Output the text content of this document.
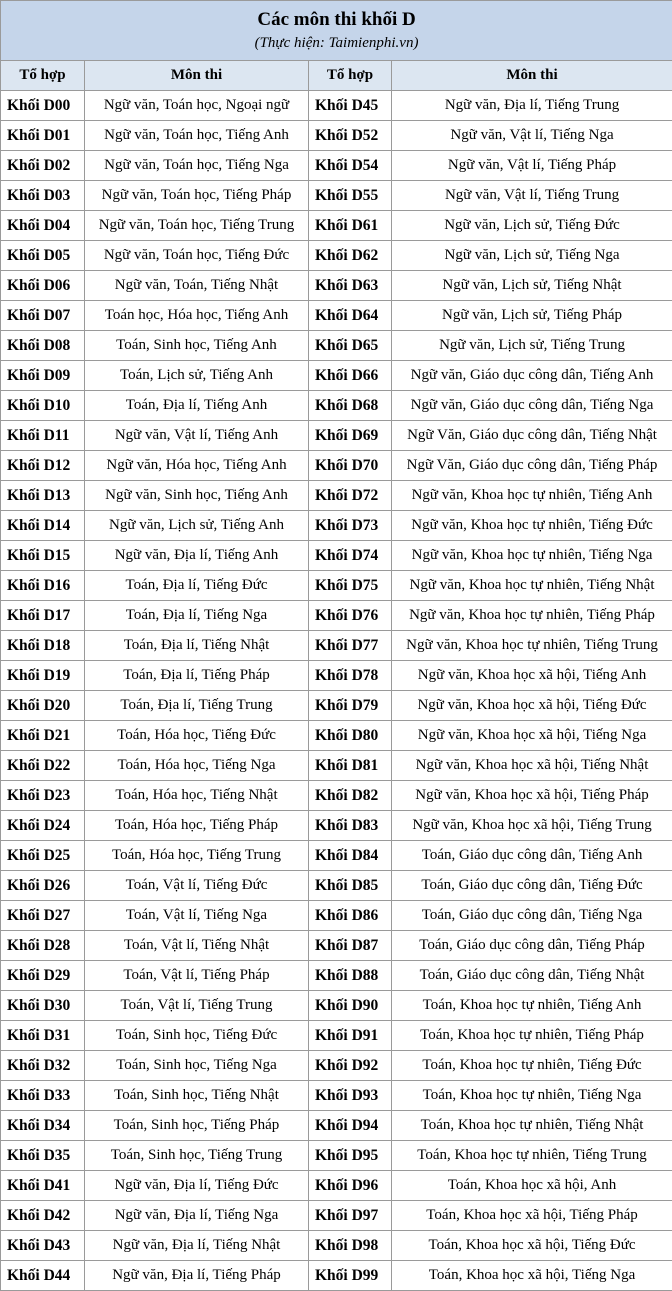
Các môn thi khối D
(Thực hiện: Taimienphi.vn)			

Tổ hợp	Môn thi	Tổ hợp	Môn thi
Khối D00	Ngữ văn, Toán học, Ngoại ngữ	Khối D45	Ngữ văn, Địa lí, Tiếng Trung
Khối D01	Ngữ văn, Toán học, Tiếng Anh	Khối D52	Ngữ văn, Vật lí, Tiếng Nga
Khối D02	Ngữ văn, Toán học, Tiếng Nga	Khối D54	Ngữ văn, Vật lí, Tiếng Pháp
Khối D03	Ngữ văn, Toán học, Tiếng Pháp	Khối D55	Ngữ văn, Vật lí, Tiếng Trung
Khối D04	Ngữ văn, Toán học, Tiếng Trung	Khối D61	Ngữ văn, Lịch sử, Tiếng Đức
Khối D05	Ngữ văn, Toán học, Tiếng Đức	Khối D62	Ngữ văn, Lịch sử, Tiếng Nga
Khối D06	Ngữ văn, Toán, Tiếng Nhật	Khối D63	Ngữ văn, Lịch sử, Tiếng Nhật
Khối D07	Toán học, Hóa học, Tiếng Anh	Khối D64	Ngữ văn, Lịch sử, Tiếng Pháp
Khối D08	Toán, Sinh học, Tiếng Anh	Khối D65	Ngữ văn, Lịch sử, Tiếng Trung
Khối D09	Toán, Lịch sử, Tiếng Anh	Khối D66	Ngữ văn, Giáo dục công dân, Tiếng Anh
Khối D10	Toán, Địa lí, Tiếng Anh	Khối D68	Ngữ văn, Giáo dục công dân, Tiếng Nga
Khối D11	Ngữ văn, Vật lí, Tiếng Anh	Khối D69	Ngữ Văn, Giáo dục công dân, Tiếng Nhật
Khối D12	Ngữ văn, Hóa học, Tiếng Anh	Khối D70	Ngữ Văn, Giáo dục công dân, Tiếng Pháp
Khối D13	Ngữ văn, Sinh học, Tiếng Anh	Khối D72	Ngữ văn, Khoa học tự nhiên, Tiếng Anh
Khối D14	Ngữ văn, Lịch sử, Tiếng Anh	Khối D73	Ngữ văn, Khoa học tự nhiên, Tiếng Đức
Khối D15	Ngữ văn, Địa lí, Tiếng Anh	Khối D74	Ngữ văn, Khoa học tự nhiên, Tiếng Nga
Khối D16	Toán, Địa lí, Tiếng Đức	Khối D75	Ngữ văn, Khoa học tự nhiên, Tiếng Nhật
Khối D17	Toán, Địa lí, Tiếng Nga	Khối D76	Ngữ văn, Khoa học tự nhiên, Tiếng Pháp
Khối D18	Toán, Địa lí, Tiếng Nhật	Khối D77	Ngữ văn, Khoa học tự nhiên, Tiếng Trung
Khối D19	Toán, Địa lí, Tiếng Pháp	Khối D78	Ngữ văn, Khoa học xã hội, Tiếng Anh
Khối D20	Toán, Địa lí, Tiếng Trung	Khối D79	Ngữ văn, Khoa học xã hội, Tiếng Đức
Khối D21	Toán, Hóa học, Tiếng Đức	Khối D80	Ngữ văn, Khoa học xã hội, Tiếng Nga
Khối D22	Toán, Hóa học, Tiếng Nga	Khối D81	Ngữ văn, Khoa học xã hội, Tiếng Nhật
Khối D23	Toán, Hóa học, Tiếng Nhật	Khối D82	Ngữ văn, Khoa học xã hội, Tiếng Pháp
Khối D24	Toán, Hóa học, Tiếng Pháp	Khối D83	Ngữ văn, Khoa học xã hội, Tiếng Trung
Khối D25	Toán, Hóa học, Tiếng Trung	Khối D84	Toán, Giáo dục công dân, Tiếng Anh
Khối D26	Toán, Vật lí, Tiếng Đức	Khối D85	Toán, Giáo dục công dân, Tiếng Đức
Khối D27	Toán, Vật lí, Tiếng Nga	Khối D86	Toán, Giáo dục công dân, Tiếng Nga
Khối D28	Toán, Vật lí, Tiếng Nhật	Khối D87	Toán, Giáo dục công dân, Tiếng Pháp
Khối D29	Toán, Vật lí, Tiếng Pháp	Khối D88	Toán, Giáo dục công dân, Tiếng Nhật
Khối D30	Toán, Vật lí, Tiếng Trung	Khối D90	Toán, Khoa học tự nhiên, Tiếng Anh
Khối D31	Toán, Sinh học, Tiếng Đức	Khối D91	Toán, Khoa học tự nhiên, Tiếng Pháp
Khối D32	Toán, Sinh học, Tiếng Nga	Khối D92	Toán, Khoa học tự nhiên, Tiếng Đức
Khối D33	Toán, Sinh học, Tiếng Nhật	Khối D93	Toán, Khoa học tự nhiên, Tiếng Nga
Khối D34	Toán, Sinh học, Tiếng Pháp	Khối D94	Toán, Khoa học tự nhiên, Tiếng Nhật
Khối D35	Toán, Sinh học, Tiếng Trung	Khối D95	Toán, Khoa học tự nhiên, Tiếng Trung
Khối D41	Ngữ văn, Địa lí, Tiếng Đức	Khối D96	Toán, Khoa học xã hội, Anh
Khối D42	Ngữ văn, Địa lí, Tiếng Nga	Khối D97	Toán, Khoa học xã hội, Tiếng Pháp
Khối D43	Ngữ văn, Địa lí, Tiếng Nhật	Khối D98	Toán, Khoa học xã hội, Tiếng Đức
Khối D44	Ngữ văn, Địa lí, Tiếng Pháp	Khối D99	Toán, Khoa học xã hội, Tiếng Nga
